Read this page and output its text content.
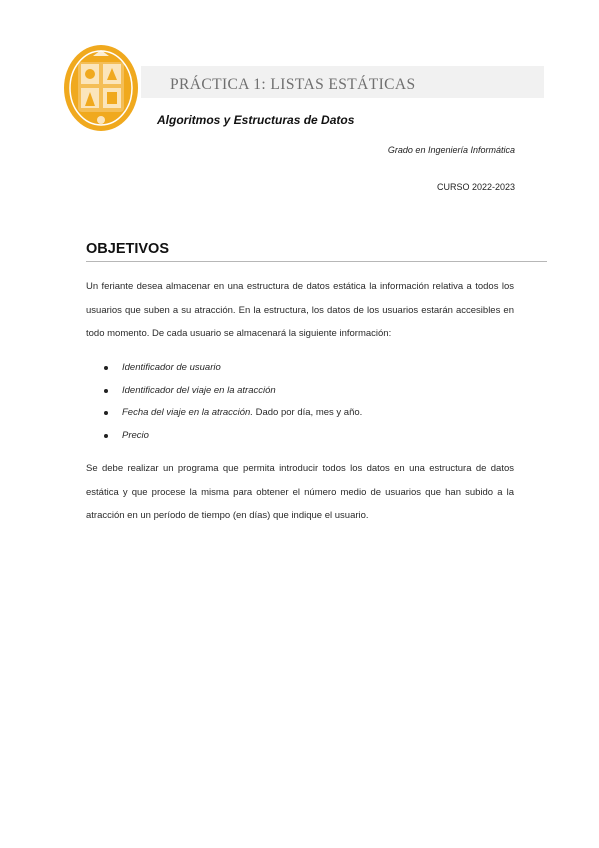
PRÁCTICA 1: LISTAS ESTÁTICAS
Algoritmos y Estructuras de Datos
Grado en Ingeniería Informática
CURSO 2022-2023
OBJETIVOS
Un feriante desea almacenar en una estructura de datos estática la información relativa a todos los usuarios que suben a su atracción. En la estructura, los datos de los usuarios estarán accesibles en todo momento. De cada usuario se almacenará la siguiente información:
Identificador de usuario
Identificador del viaje en la atracción
Fecha del viaje en la atracción. Dado por día, mes y año.
Precio
Se debe realizar un programa que permita introducir todos los datos en una estructura de datos estática y que procese la misma para obtener el número medio de usuarios que han subido a la atracción en un período de tiempo (en días) que indique el usuario.
